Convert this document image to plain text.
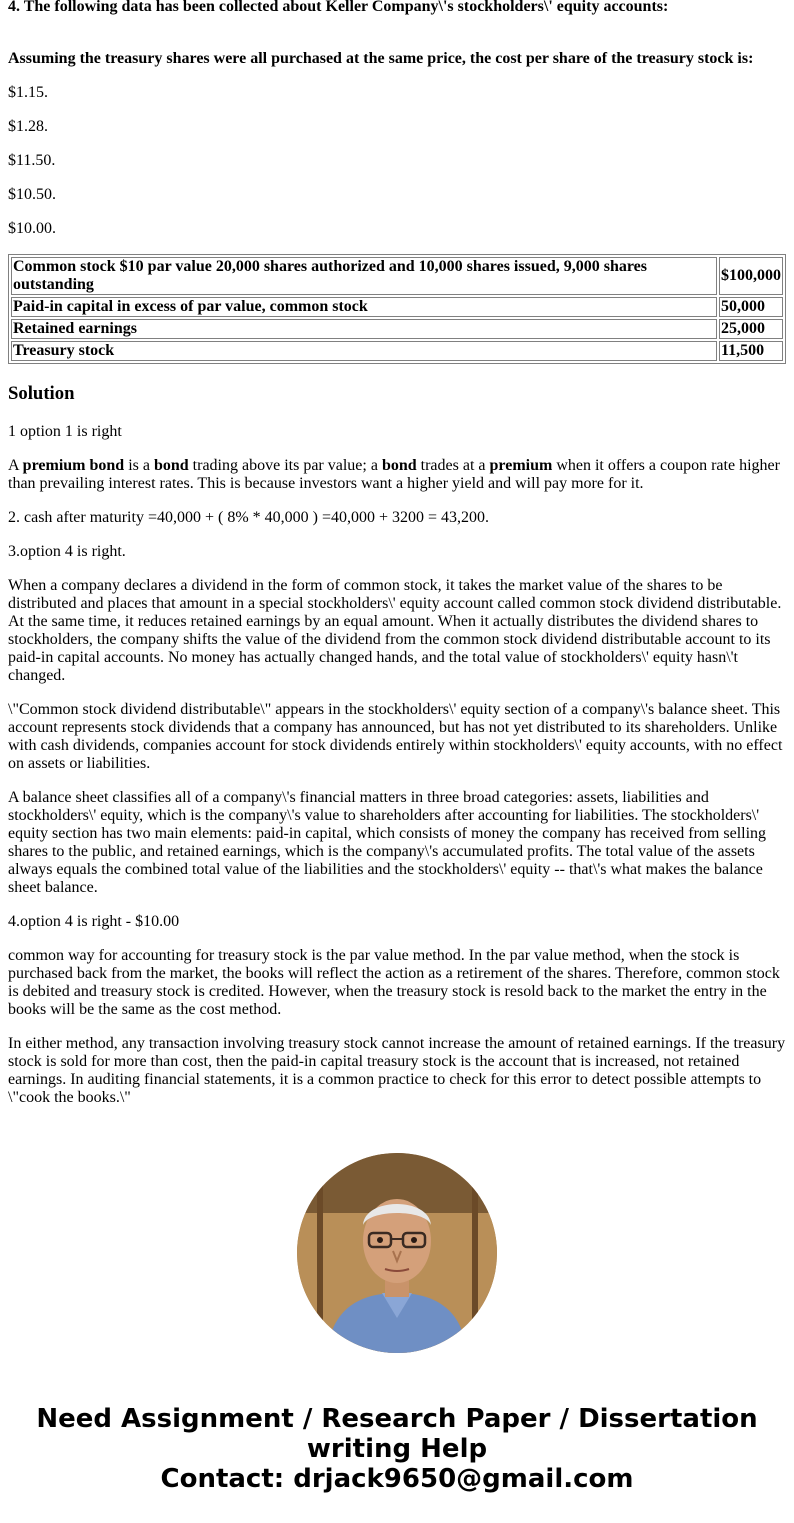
4. The following data has been collected about Keller Company\'s stockholders\' equity accounts:

Assuming the treasury shares were all purchased at the same price, the cost per share of the treasury stock is:

$1.15.

$1.28.

$11.50.

$10.50.

$10.00.

Common stock $10 par value 20,000 shares authorized and 10,000 shares issued, 9,000 shares outstanding	$100,000
Paid-in capital in excess of par value, common stock	50,000
Retained earnings	25,000
Treasury stock	11,500
Solution

1 option 1 is right

A premium bond is a bond trading above its par value; a bond trades at a premium when it offers a coupon rate higher than prevailing interest rates. This is because investors want a higher yield and will pay more for it.

2. cash after maturity =40,000 + ( 8% * 40,000 ) =40,000 + 3200 = 43,200.

3.option 4 is right.

When a company declares a dividend in the form of common stock, it takes the market value of the shares to be distributed and places that amount in a special stockholders\' equity account called common stock dividend distributable. At the same time, it reduces retained earnings by an equal amount. When it actually distributes the dividend shares to stockholders, the company shifts the value of the dividend from the common stock dividend distributable account to its paid-in capital accounts. No money has actually changed hands, and the total value of stockholders\' equity hasn\'t changed.

\"Common stock dividend distributable\" appears in the stockholders\' equity section of a company\'s balance sheet. This account represents stock dividends that a company has announced, but has not yet distributed to its shareholders. Unlike with cash dividends, companies account for stock dividends entirely within stockholders\' equity accounts, with no effect on assets or liabilities.

A balance sheet classifies all of a company\'s financial matters in three broad categories: assets, liabilities and stockholders\' equity, which is the company\'s value to shareholders after accounting for liabilities. The stockholders\' equity section has two main elements: paid-in capital, which consists of money the company has received from selling shares to the public, and retained earnings, which is the company\'s accumulated profits. The total value of the assets always equals the combined total value of the liabilities and the stockholders\' equity -- that\'s what makes the balance sheet balance.

4.option 4 is right - $10.00

common way for accounting for treasury stock is the par value method. In the par value method, when the stock is purchased back from the market, the books will reflect the action as a retirement of the shares. Therefore, common stock is debited and treasury stock is credited. However, when the treasury stock is resold back to the market the entry in the books will be the same as the cost method.

In either method, any transaction involving treasury stock cannot increase the amount of retained earnings. If the treasury stock is sold for more than cost, then the paid-in capital treasury stock is the account that is increased, not retained earnings. In auditing financial statements, it is a common practice to check for this error to detect possible attempts to \"cook the books.\"

Need Assignment / Research Paper / Dissertation
writing Help
Contact: drjack9650@gmail.com
